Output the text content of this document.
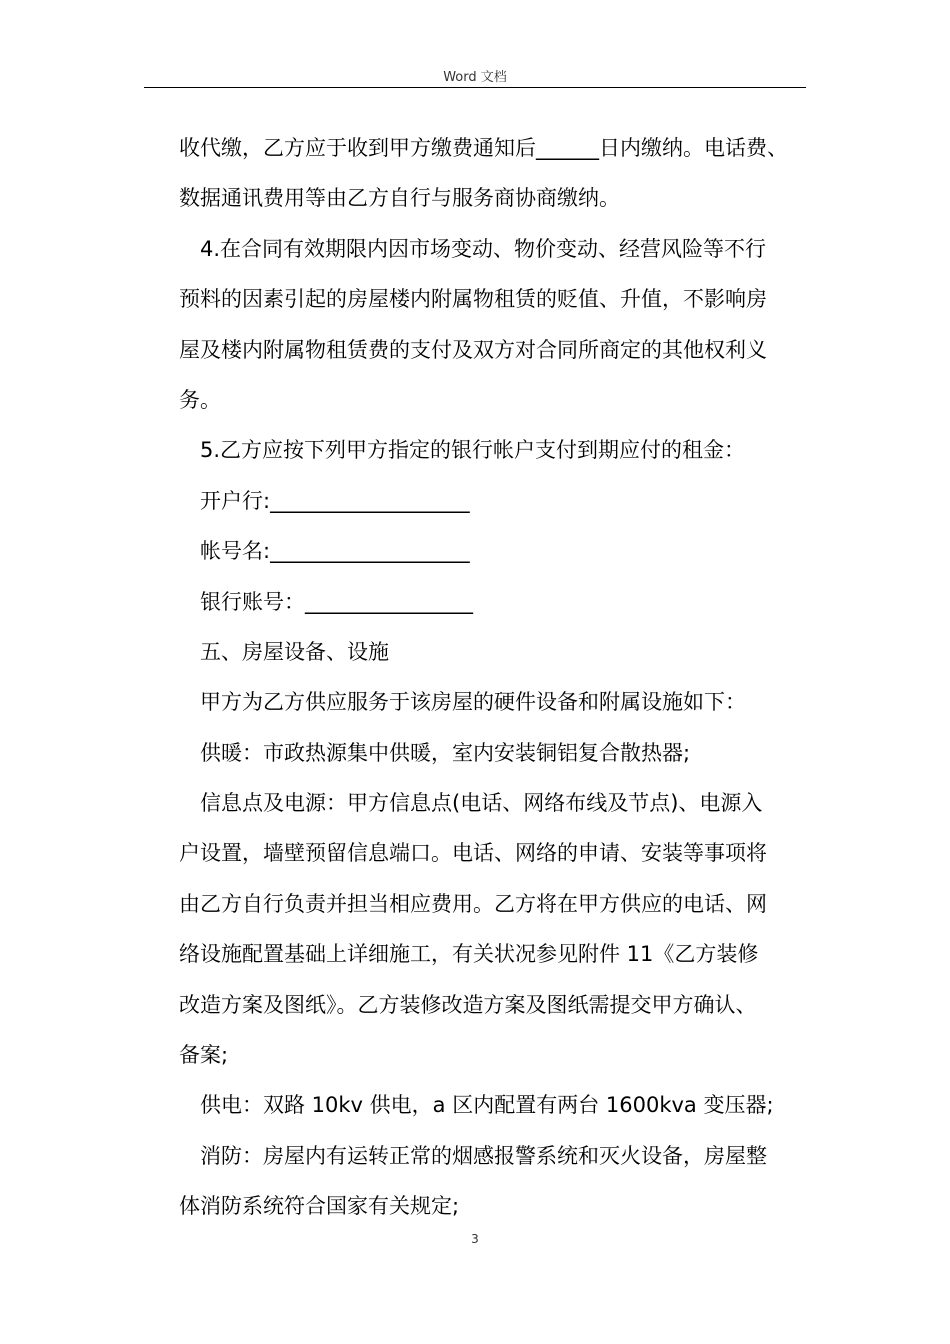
Word 文档
收代缴，乙方应于收到甲方缴费通知后______日内缴纳。电话费、
数据通讯费用等由乙方自行与服务商协商缴纳。
4.在合同有效期限内因市场变动、物价变动、经营风险等不行
预料的因素引起的房屋楼内附属物租赁的贬值、升值，不影响房
屋及楼内附属物租赁费的支付及双方对合同所商定的其他权利义
务。
5.乙方应按下列甲方指定的银行帐户支付到期应付的租金：
开户行:___________________
帐号名:___________________
银行账号：________________
五、房屋设备、设施
甲方为乙方供应服务于该房屋的硬件设备和附属设施如下：
供暖：市政热源集中供暖，室内安装铜铝复合散热器;
信息点及电源：甲方信息点(电话、网络布线及节点)、电源入
户设置，墙壁预留信息端口。电话、网络的申请、安装等事项将
由乙方自行负责并担当相应费用。乙方将在甲方供应的电话、网
络设施配置基础上详细施工，有关状况参见附件 11《乙方装修
改造方案及图纸》。乙方装修改造方案及图纸需提交甲方确认、
备案;
供电：双路 10kv 供电，a 区内配置有两台 1600kva 变压器;
消防：房屋内有运转正常的烟感报警系统和灭火设备，房屋整
体消防系统符合国家有关规定;
3
